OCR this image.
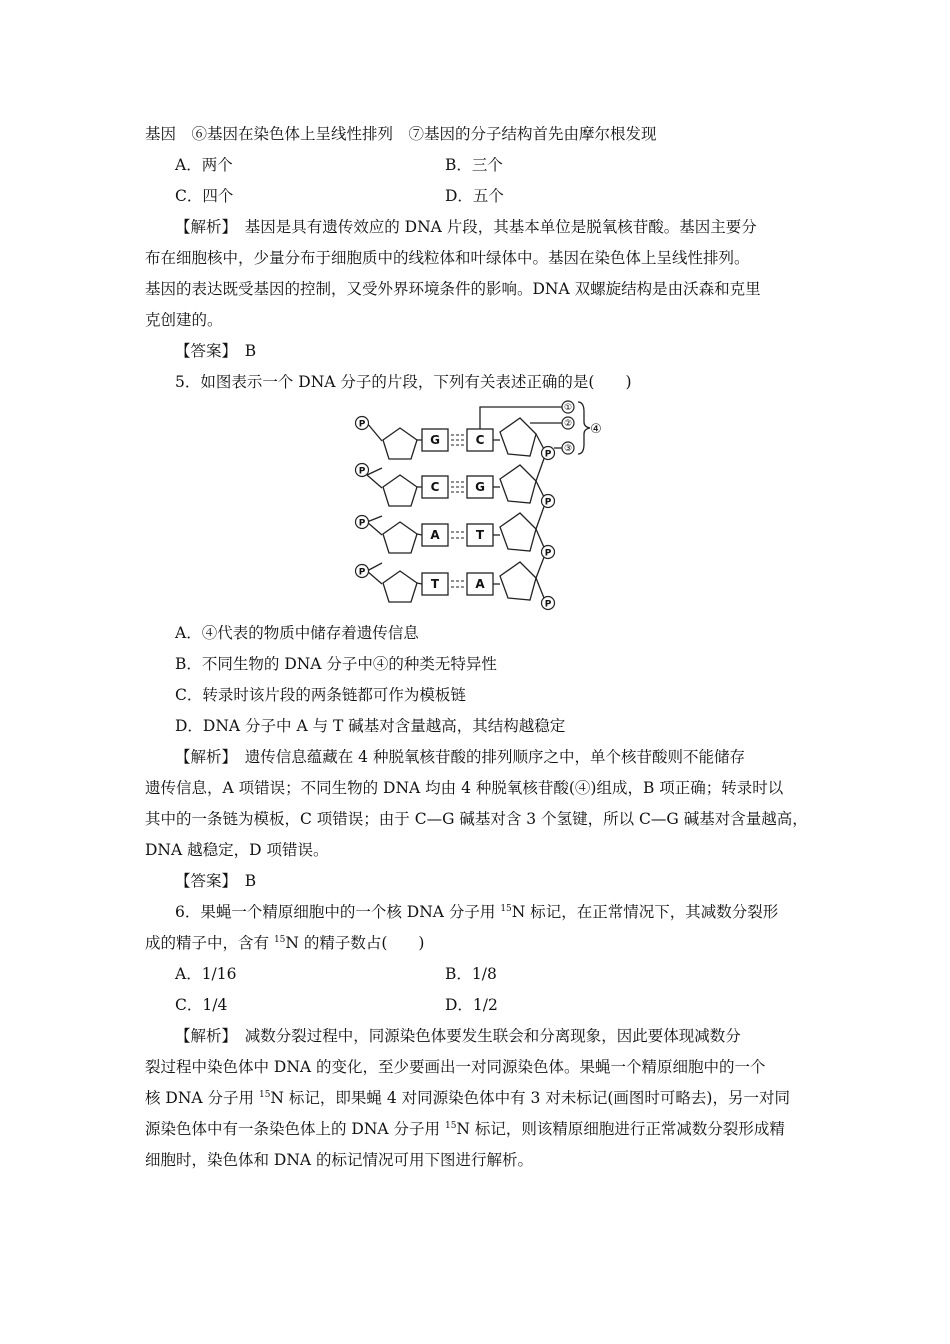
基因　⑥基因在染色体上呈线性排列　⑦基因的分子结构首先由摩尔根发现
A．两个	B．三个
C．四个	D．五个
【解析】　基因是具有遗传效应的 DNA 片段，其基本单位是脱氧核苷酸。基因主要分
布在细胞核中，少量分布于细胞质中的线粒体和叶绿体中。基因在染色体上呈线性排列。
基因的表达既受基因的控制，又受外界环境条件的影响。DNA 双螺旋结构是由沃森和克里
克创建的。
【答案】　B
5．如图表示一个 DNA 分子的片段，下列有关表述正确的是(　　)
P
P
P
P
P
P
P
P
G	C
C	G
A	T
T	A
①
②
③
④
A．④代表的物质中储存着遗传信息
B．不同生物的 DNA 分子中④的种类无特异性
C．转录时该片段的两条链都可作为模板链
D．DNA 分子中 A 与 T 碱基对含量越高，其结构越稳定
【解析】　遗传信息蕴藏在 4 种脱氧核苷酸的排列顺序之中，单个核苷酸则不能储存
遗传信息，A 项错误；不同生物的 DNA 均由 4 种脱氧核苷酸(④)组成，B 项正确；转录时以
其中的一条链为模板，C 项错误；由于 C—G 碱基对含 3 个氢键，所以 C—G 碱基对含量越高，
DNA 越稳定，D 项错误。
【答案】　B
6．果蝇一个精原细胞中的一个核 DNA 分子用 $^{15}$N 标记，在正常情况下，其减数分裂形
成的精子中，含有 $^{15}$N 的精子数占(　　)
A．1/16	B．1/8
C．1/4	D．1/2
【解析】　减数分裂过程中，同源染色体要发生联会和分离现象，因此要体现减数分
裂过程中染色体中 DNA 的变化，至少要画出一对同源染色体。果蝇一个精原细胞中的一个
核 DNA 分子用 $^{15}$N 标记，即果蝇 4 对同源染色体中有 3 对未标记(画图时可略去)，另一对同
源染色体中有一条染色体上的 DNA 分子用 $^{15}$N 标记，则该精原细胞进行正常减数分裂形成精
细胞时，染色体和 DNA 的标记情况可用下图进行解析。
